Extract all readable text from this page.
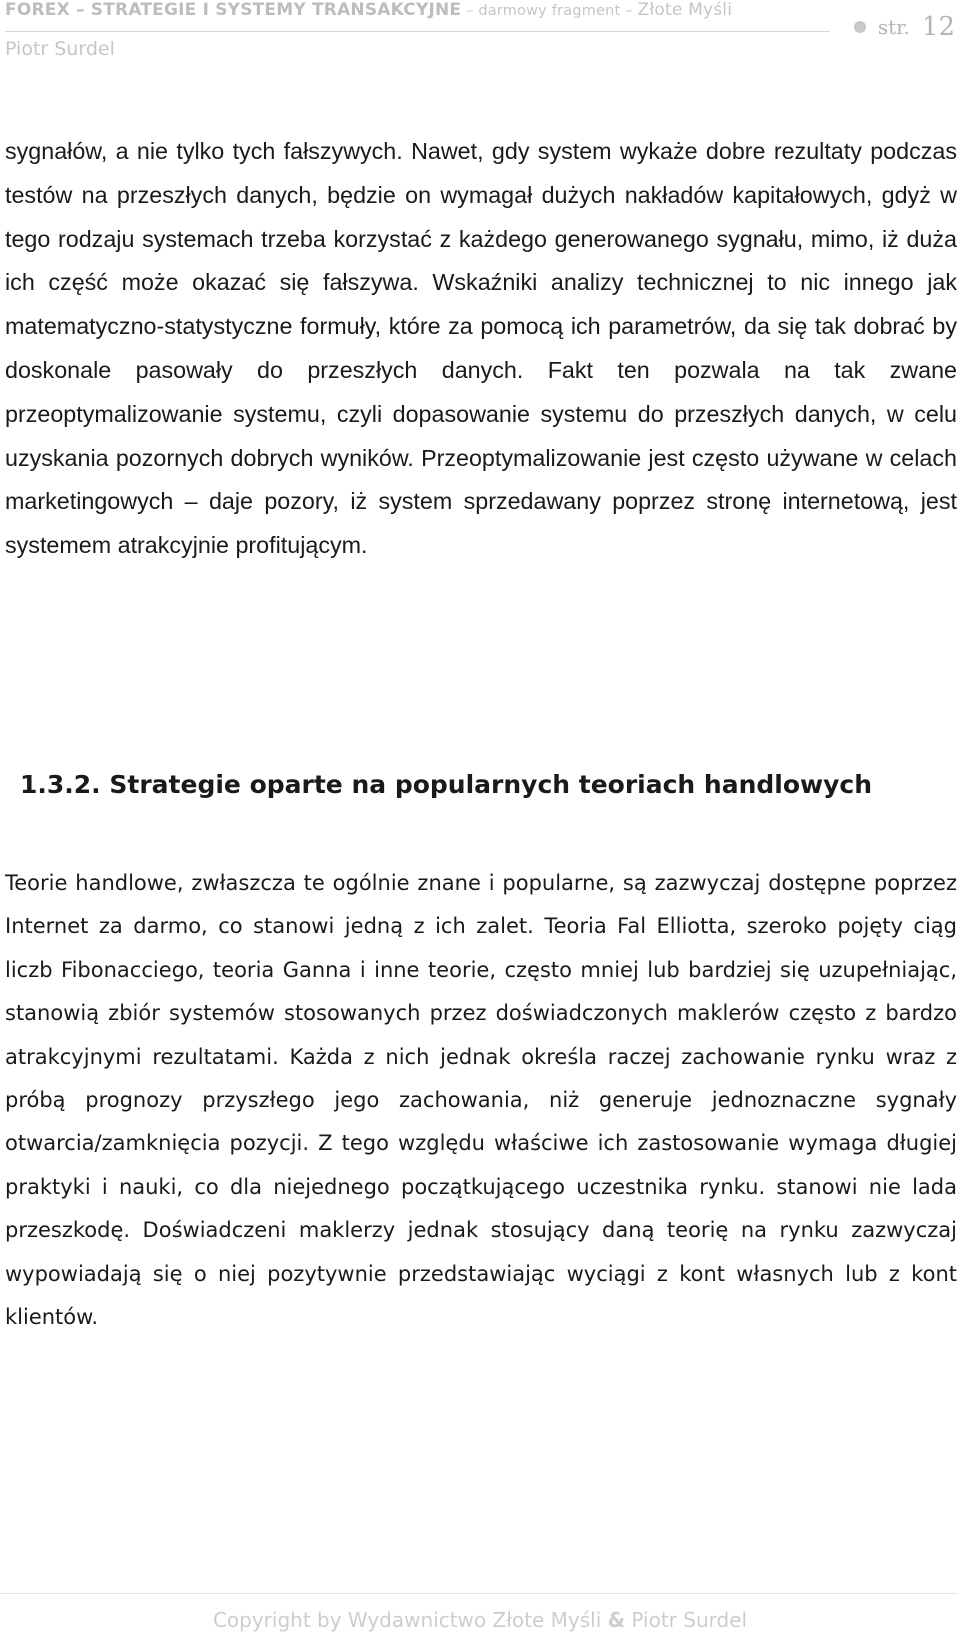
FOREX – STRATEGIE I SYSTEMY TRANSAKCYJNE – darmowy fragment – Złote Myśli
Piotr Surdel
str. 12

sygnałów, a nie tylko tych fałszywych. Nawet, gdy system wykaże dobre rezultaty podczas testów na przeszłych danych, będzie on wymagał dużych nakładów kapitałowych, gdyż w tego rodzaju systemach trzeba korzystać z każdego generowanego sygnału, mimo, iż duża ich część może okazać się fałszywa. Wskaźniki analizy technicznej to nic innego jak matematyczno-statystyczne formuły, które za pomocą ich parametrów, da się tak dobrać by doskonale pasowały do przeszłych danych. Fakt ten pozwala na tak zwane przeoptymalizowanie systemu, czyli dopasowanie systemu do przeszłych danych, w celu uzyskania pozornych dobrych wyników. Przeoptymalizowanie jest często używane w celach marketingowych – daje pozory, iż system sprzedawany poprzez stronę internetową, jest systemem atrakcyjnie profitującym.

1.3.2. Strategie oparte na popularnych teoriach handlowych

Teorie handlowe, zwłaszcza te ogólnie znane i popularne, są zazwyczaj dostępne poprzez Internet za darmo, co stanowi jedną z ich zalet. Teoria Fal Elliotta, szeroko pojęty ciąg liczb Fibonacciego, teoria Ganna i inne teorie, często mniej lub bardziej się uzupełniając, stanowią zbiór systemów stosowanych przez doświadczonych maklerów często z bardzo atrakcyjnymi rezultatami. Każda z nich jednak określa raczej zachowanie rynku wraz z próbą prognozy przyszłego jego zachowania, niż generuje jednoznaczne sygnały otwarcia/zamknięcia pozycji. Z tego względu właściwe ich zastosowanie wymaga długiej praktyki i nauki, co dla niejednego początkującego uczestnika rynku. stanowi nie lada przeszkodę. Doświadczeni maklerzy jednak stosujący daną teorię na rynku zazwyczaj wypowiadają się o niej pozytywnie przedstawiając wyciągi z kont własnych lub z kont klientów.

Copyright by Wydawnictwo Złote Myśli & Piotr Surdel
